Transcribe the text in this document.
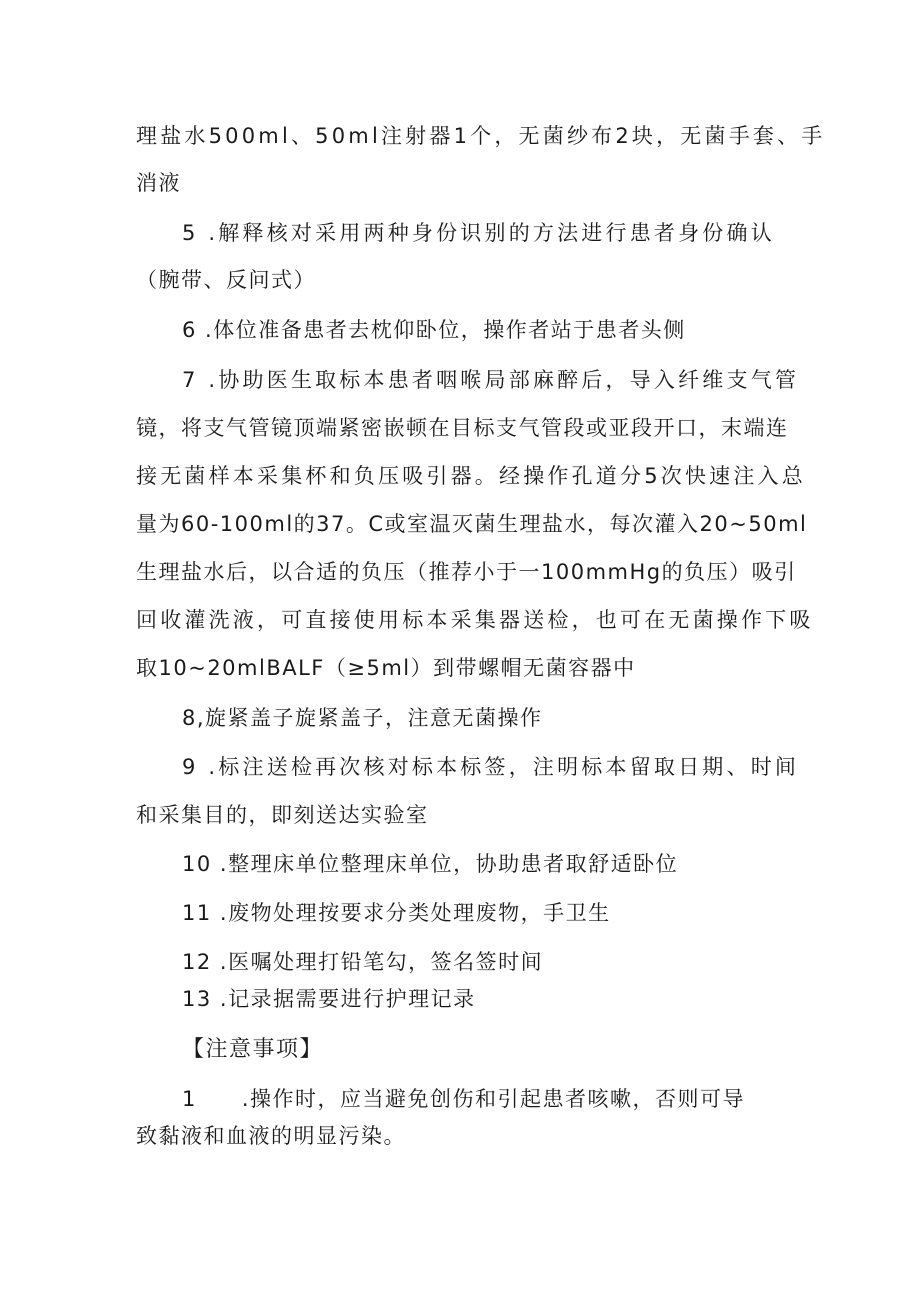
理盐水500ml、50ml注射器1个，无菌纱布2块，无菌手套、手
消液
5 .解释核对采用两种身份识别的方法进行患者身份确认
（腕带、反问式）
6 .体位准备患者去枕仰卧位，操作者站于患者头侧
7 .协助医生取标本患者咽喉局部麻醉后，导入纤维支气管
镜，将支气管镜顶端紧密嵌顿在目标支气管段或亚段开口，末端连
接无菌样本采集杯和负压吸引器。经操作孔道分5次快速注入总
量为60-100ml的37。C或室温灭菌生理盐水，每次灌入20~50ml
生理盐水后，以合适的负压（推荐小于一100mmHg的负压）吸引
回收灌洗液，可直接使用标本采集器送检，也可在无菌操作下吸
取10~20mlBALF（≥5ml）到带螺帽无菌容器中
8,旋紧盖子旋紧盖子，注意无菌操作
9 .标注送检再次核对标本标签，注明标本留取日期、时间
和采集目的，即刻送达实验室
10 .整理床单位整理床单位，协助患者取舒适卧位
11 .废物处理按要求分类处理废物，手卫生
12 .医嘱处理打铅笔勾，签名签时间
13 .记录据需要进行护理记录
【注意事项】
1　　.操作时，应当避免创伤和引起患者咳嗽，否则可导
致黏液和血液的明显污染。
